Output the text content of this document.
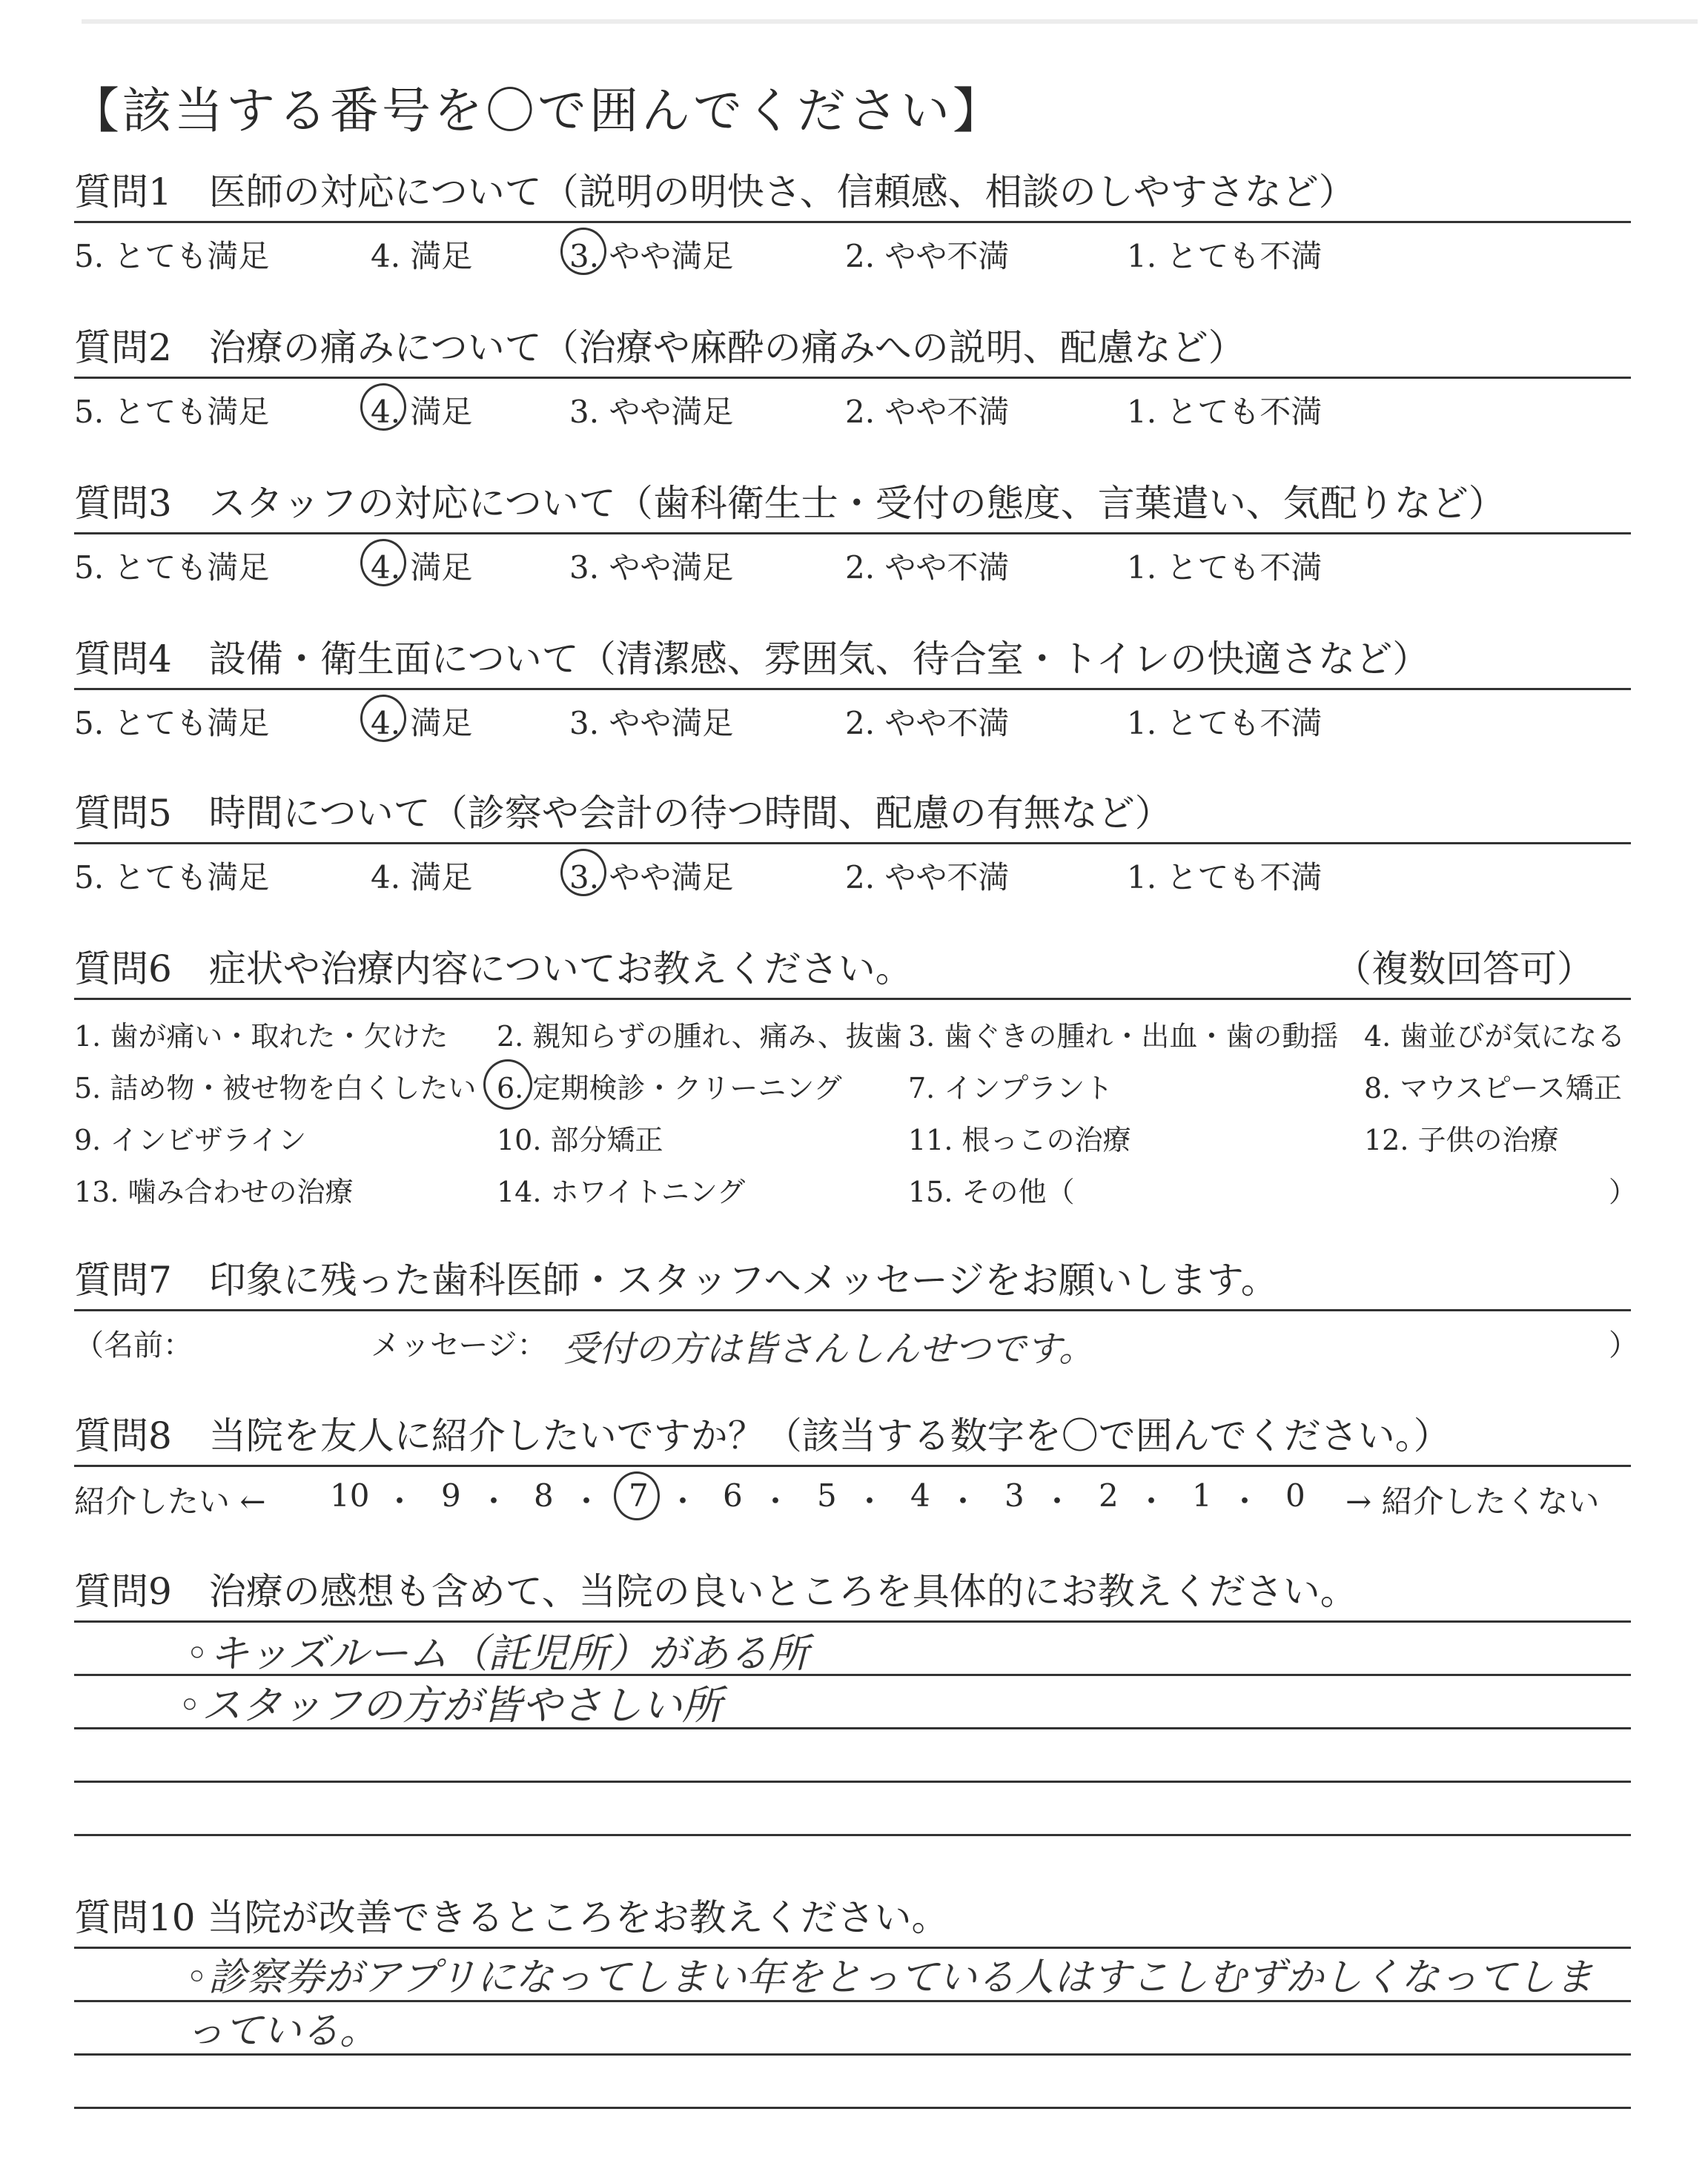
【該当する番号を〇で囲んでください】
質問1　医師の対応について（説明の明快さ、信頼感、相談のしやすさなど）
5. とても満足	4. 満足	3. やや満足	2. やや不満	1. とても不満
質問2　治療の痛みについて（治療や麻酔の痛みへの説明、配慮など）
5. とても満足	4. 満足	3. やや満足	2. やや不満	1. とても不満
質問3　スタッフの対応について（歯科衛生士・受付の態度、言葉遣い、気配りなど）
5. とても満足	4. 満足	3. やや満足	2. やや不満	1. とても不満
質問4　設備・衛生面について（清潔感、雰囲気、待合室・トイレの快適さなど）
5. とても満足	4. 満足	3. やや満足	2. やや不満	1. とても不満
質問5　時間について（診察や会計の待つ時間、配慮の有無など）
5. とても満足	4. 満足	3. やや満足	2. やや不満	1. とても不満
質問6　症状や治療内容についてお教えください。	（複数回答可）
1. 歯が痛い・取れた・欠けた 2. 親知らずの腫れ、痛み、抜歯 3. 歯ぐきの腫れ・出血・歯の動揺 4. 歯並びが気になる
5. 詰め物・被せ物を白くしたい 6. 定期検診・クリーニング 7. インプラント	8. マウスピース矯正
9. インビザライン	10. 部分矯正	11. 根っこの治療	12. 子供の治療
13. 噛み合わせの治療	14. ホワイトニング	15. その他（	）
質問7　印象に残った歯科医師・スタッフへメッセージをお願いします。
（名前：	メッセージ： 受付の方は皆さんしんせつです。	）
質問8　当院を友人に紹介したいですか？（該当する数字を〇で囲んでください。）
紹介したい ← 10 ・ 9 ・ 8 ・ 7 ・ 6 ・ 5 ・ 4 ・ 3 ・ 2 ・ 1 ・ 0 → 紹介したくない
質問9　治療の感想も含めて、当院の良いところを具体的にお教えください。
◦キッズルーム（託児所）がある所
◦スタッフの方が皆やさしい所
質問10 当院が改善できるところをお教えください。
◦診察券がアプリになってしまい年をとっている人はすこしむずかしくなってしまっている。
